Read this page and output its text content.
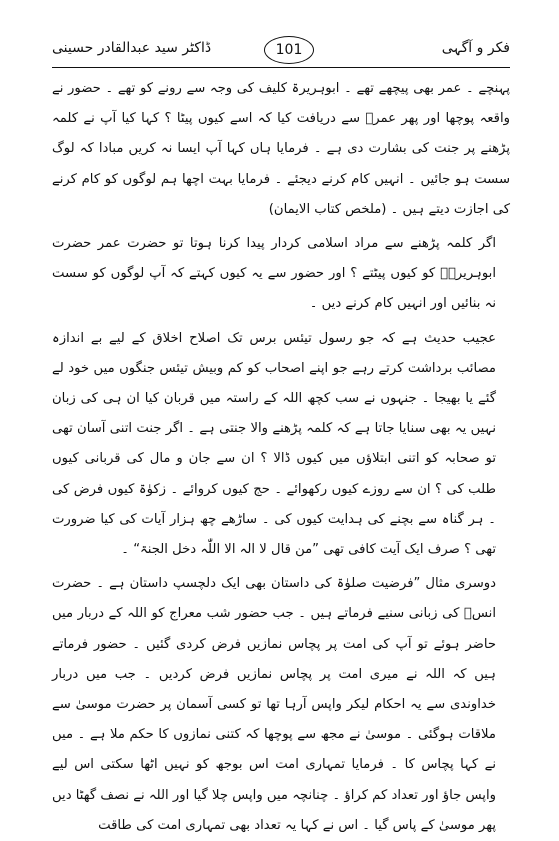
ڈاکٹر سید عبدالقادر حسینی	101	فکر و آگہی

پہنچے ۔ عمر بھی پیچھے تھے ۔ ابوہریرۃ کلیف کی وجہ سے رونے کو تھے ۔ حضور نے واقعہ پوچھا اور پھر عمرؓ سے دریافت کیا کہ اسے کیوں پیٹا ؟ کہا کیا آپ نے کلمہ پڑھنے پر جنت کی بشارت دی ہے ۔ فرمایا ہاں کہا آپ ایسا نہ کریں مبادا کہ لوگ سست ہو جائیں ۔ انہیں کام کرنے دیجئے ۔ فرمایا بہت اچھا ہم لوگوں کو کام کرنے کی اجازت دیتے ہیں ۔ (ملخص کتاب الایمان)

اگر کلمہ پڑھنے سے مراد اسلامی کردار پیدا کرنا ہوتا تو حضرت عمر حضرت ابوہریرہؓ کو کیوں پیٹتے ؟ اور حضور سے یہ کیوں کہتے کہ آپ لوگوں کو سست نہ بنائیں اور انہیں کام کرنے دیں ۔

عجیب حدیث ہے کہ جو رسول تیئس برس تک اصلاح اخلاق کے لیے بے اندازہ مصائب برداشت کرتے رہے جو اپنے اصحاب کو کم وبیش تیئس جنگوں میں خود لے گئے یا بھیجا ۔ جنہوں نے سب کچھ اللہ کے راستہ میں قربان کیا ان ہی کی زبان نہیں یہ بھی سنایا جاتا ہے کہ کلمہ پڑھنے والا جنتی ہے ۔ اگر جنت اتنی آسان تھی تو صحابہ کو اتنی ابتلاؤں میں کیوں ڈالا ؟ ان سے جان و مال کی قربانی کیوں طلب کی ؟ ان سے روزے کیوں رکھوائے ۔ حج کیوں کروائے ۔ زکوٰۃ کیوں فرض کی ۔ ہر گناہ سے بچنے کی ہدایت کیوں کی ۔ ساڑھے چھ ہزار آیات کی کیا ضرورت تھی ؟ صرف ایک آیت کافی تھی ”من قال لا الہ الا اللّٰہ دخل الجنۃ“ ۔

دوسری مثال ”فرضیت صلوٰۃ کی داستان بھی ایک دلچسپ داستان ہے ۔ حضرت انسؓ کی زبانی سنیے فرماتے ہیں ۔ جب حضور شب معراج کو اللہ کے دربار میں حاضر ہوئے تو آپ کی امت پر پچاس نمازیں فرض کردی گئیں ۔ حضور فرماتے ہیں کہ اللہ نے میری امت پر پچاس نمازیں فرض کردیں ۔ جب میں دربار خداوندی سے یہ احکام لیکر واپس آرہا تھا تو کسی آسمان پر حضرت موسیٰ سے ملاقات ہوگئی ۔ موسیٰ نے مجھ سے پوچھا کہ کتنی نمازوں کا حکم ملا ہے ۔ میں نے کہا پچاس کا ۔ فرمایا تمہاری امت اس بوجھ کو نہیں اٹھا سکتی اس لیے واپس جاؤ اور تعداد کم کراؤ ۔ چنانچہ میں واپس چلا گیا اور اللہ نے نصف گھٹا دیں پھر موسیٰ کے پاس گیا ۔ اس نے کہا یہ تعداد بھی تمہاری امت کی طاقت
